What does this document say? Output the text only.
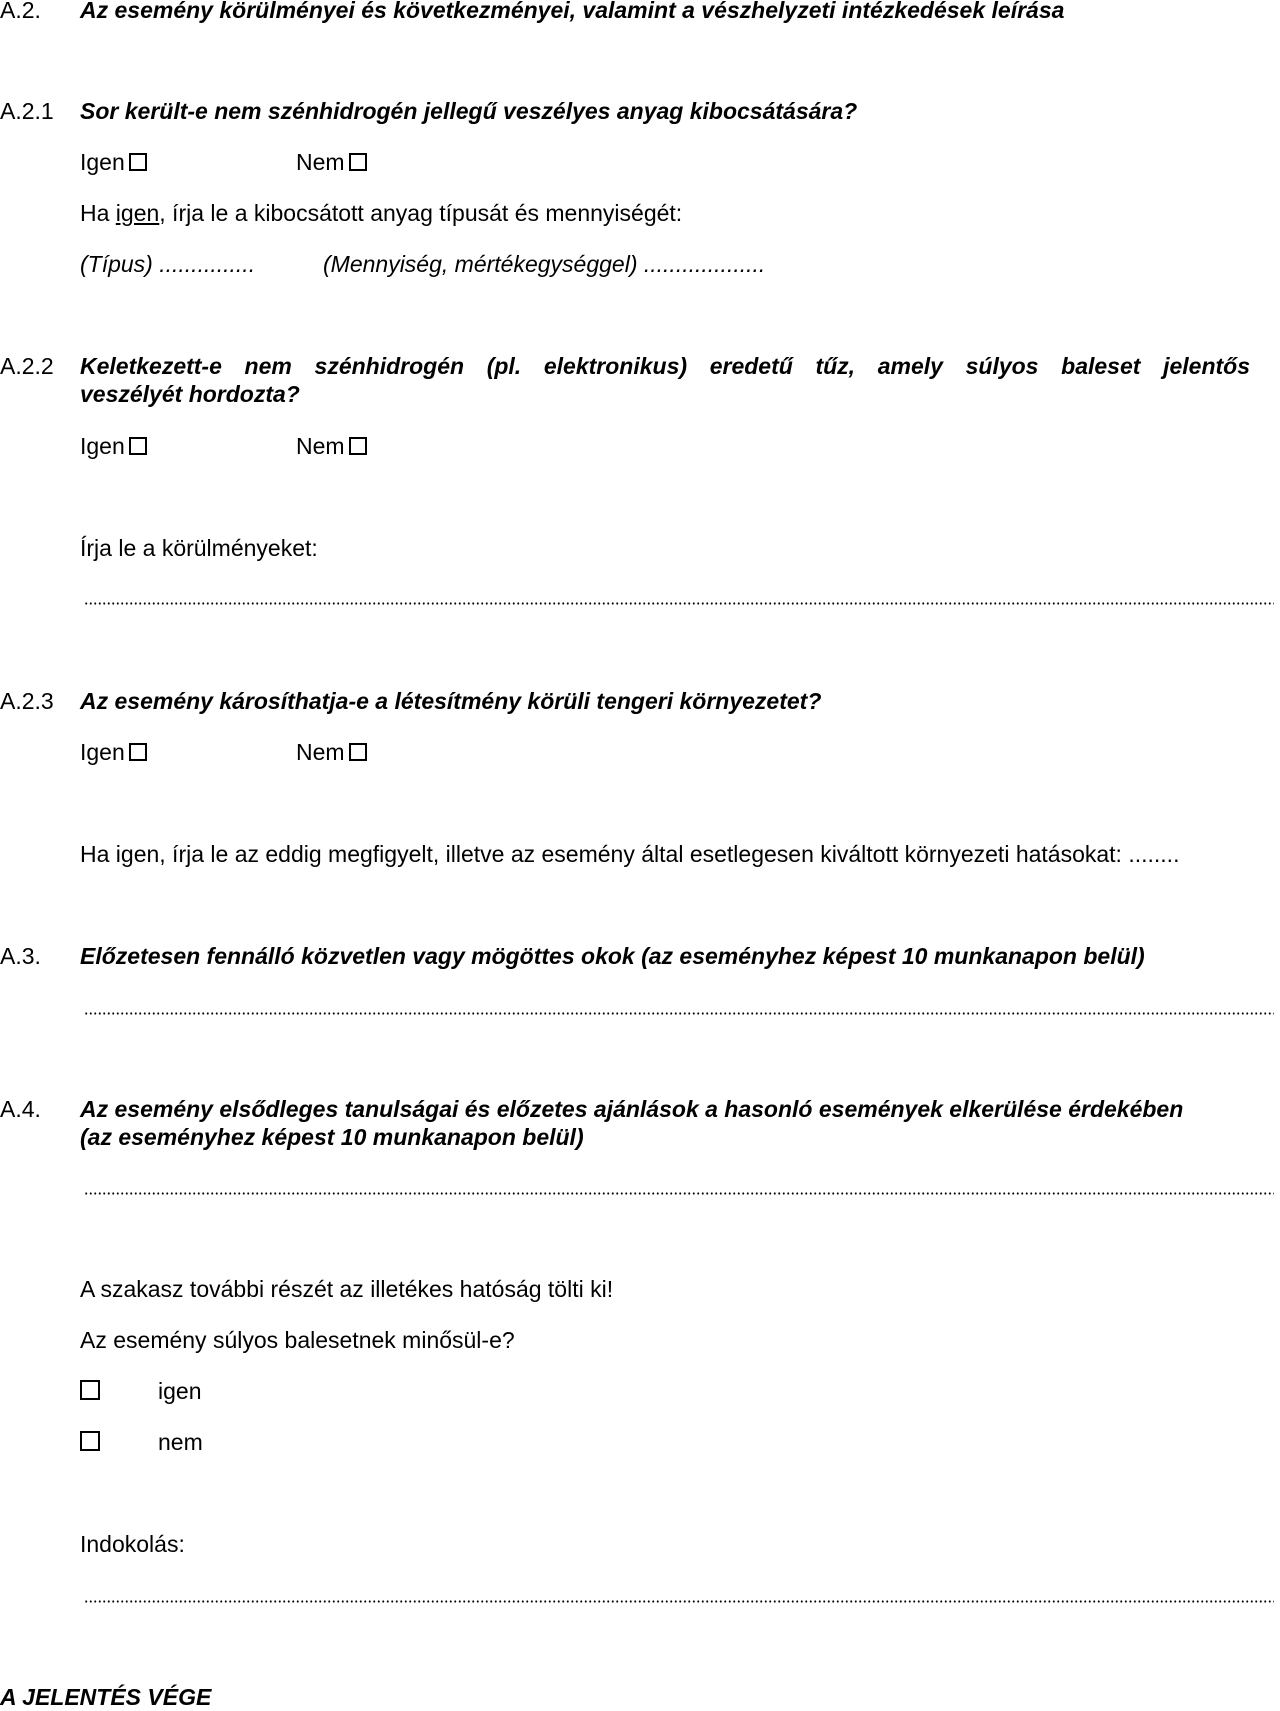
A.2. Az esemény körülményei és következményei, valamint a vészhelyzeti intézkedések leírása
A.2.1 Sor került-e nem szénhidrogén jellegű veszélyes anyag kibocsátására?
Igen	Nem
Ha igen, írja le a kibocsátott anyag típusát és mennyiségét:
(Típus) ...............	(Mennyiség, mértékegységgel) ...................
A.2.2 Keletkezett-e nem szénhidrogén (pl. elektronikus) eredetű tűz, amely súlyos baleset jelentős
veszélyét hordozta?
Igen	Nem
Írja le a körülményeket:
A.2.3 Az esemény károsíthatja-e a létesítmény körüli tengeri környezetet?
Igen	Nem
Ha igen, írja le az eddig megfigyelt, illetve az esemény által esetlegesen kiváltott környezeti hatásokat: ........
A.3. Előzetesen fennálló közvetlen vagy mögöttes okok (az eseményhez képest 10 munkanapon belül)
A.4. Az esemény elsődleges tanulságai és előzetes ajánlások a hasonló események elkerülése érdekében
(az eseményhez képest 10 munkanapon belül)
A szakasz további részét az illetékes hatóság tölti ki!
Az esemény súlyos balesetnek minősül-e?
igen
nem
Indokolás:
A JELENTÉS VÉGE
